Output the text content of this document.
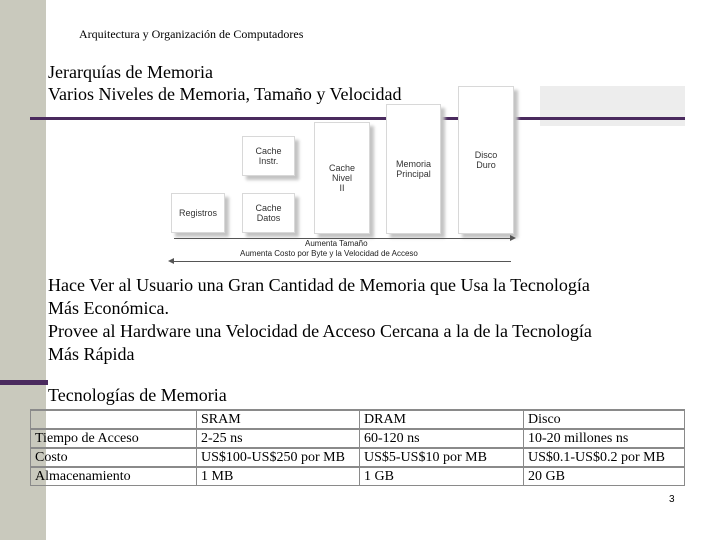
Arquitectura y Organización de Computadores
Jerarquías de Memoria
Varios Niveles de Memoria, Tamaño y Velocidad
Registros
Cache
Instr.
Cache
Datos
Cache
Nivel
II
Memoria
Principal
Disco
Duro
Aumenta Tamaño
Aumenta Costo por Byte y la Velocidad de Acceso
Hace Ver al Usuario una Gran Cantidad de Memoria que Usa la Tecnología
Más Económica.
Provee al Hardware una Velocidad de Acceso Cercana a la de la Tecnología
Más Rápida
Tecnologías de Memoria
	SRAM	DRAM	Disco
Tiempo de Acceso	2-25 ns	60-120 ns	10-20 millones ns
Costo	US$100-US$250 por MB	US$5-US$10 por MB	US$0.1-US$0.2 por MB
Almacenamiento	1 MB	1 GB	20 GB
3
